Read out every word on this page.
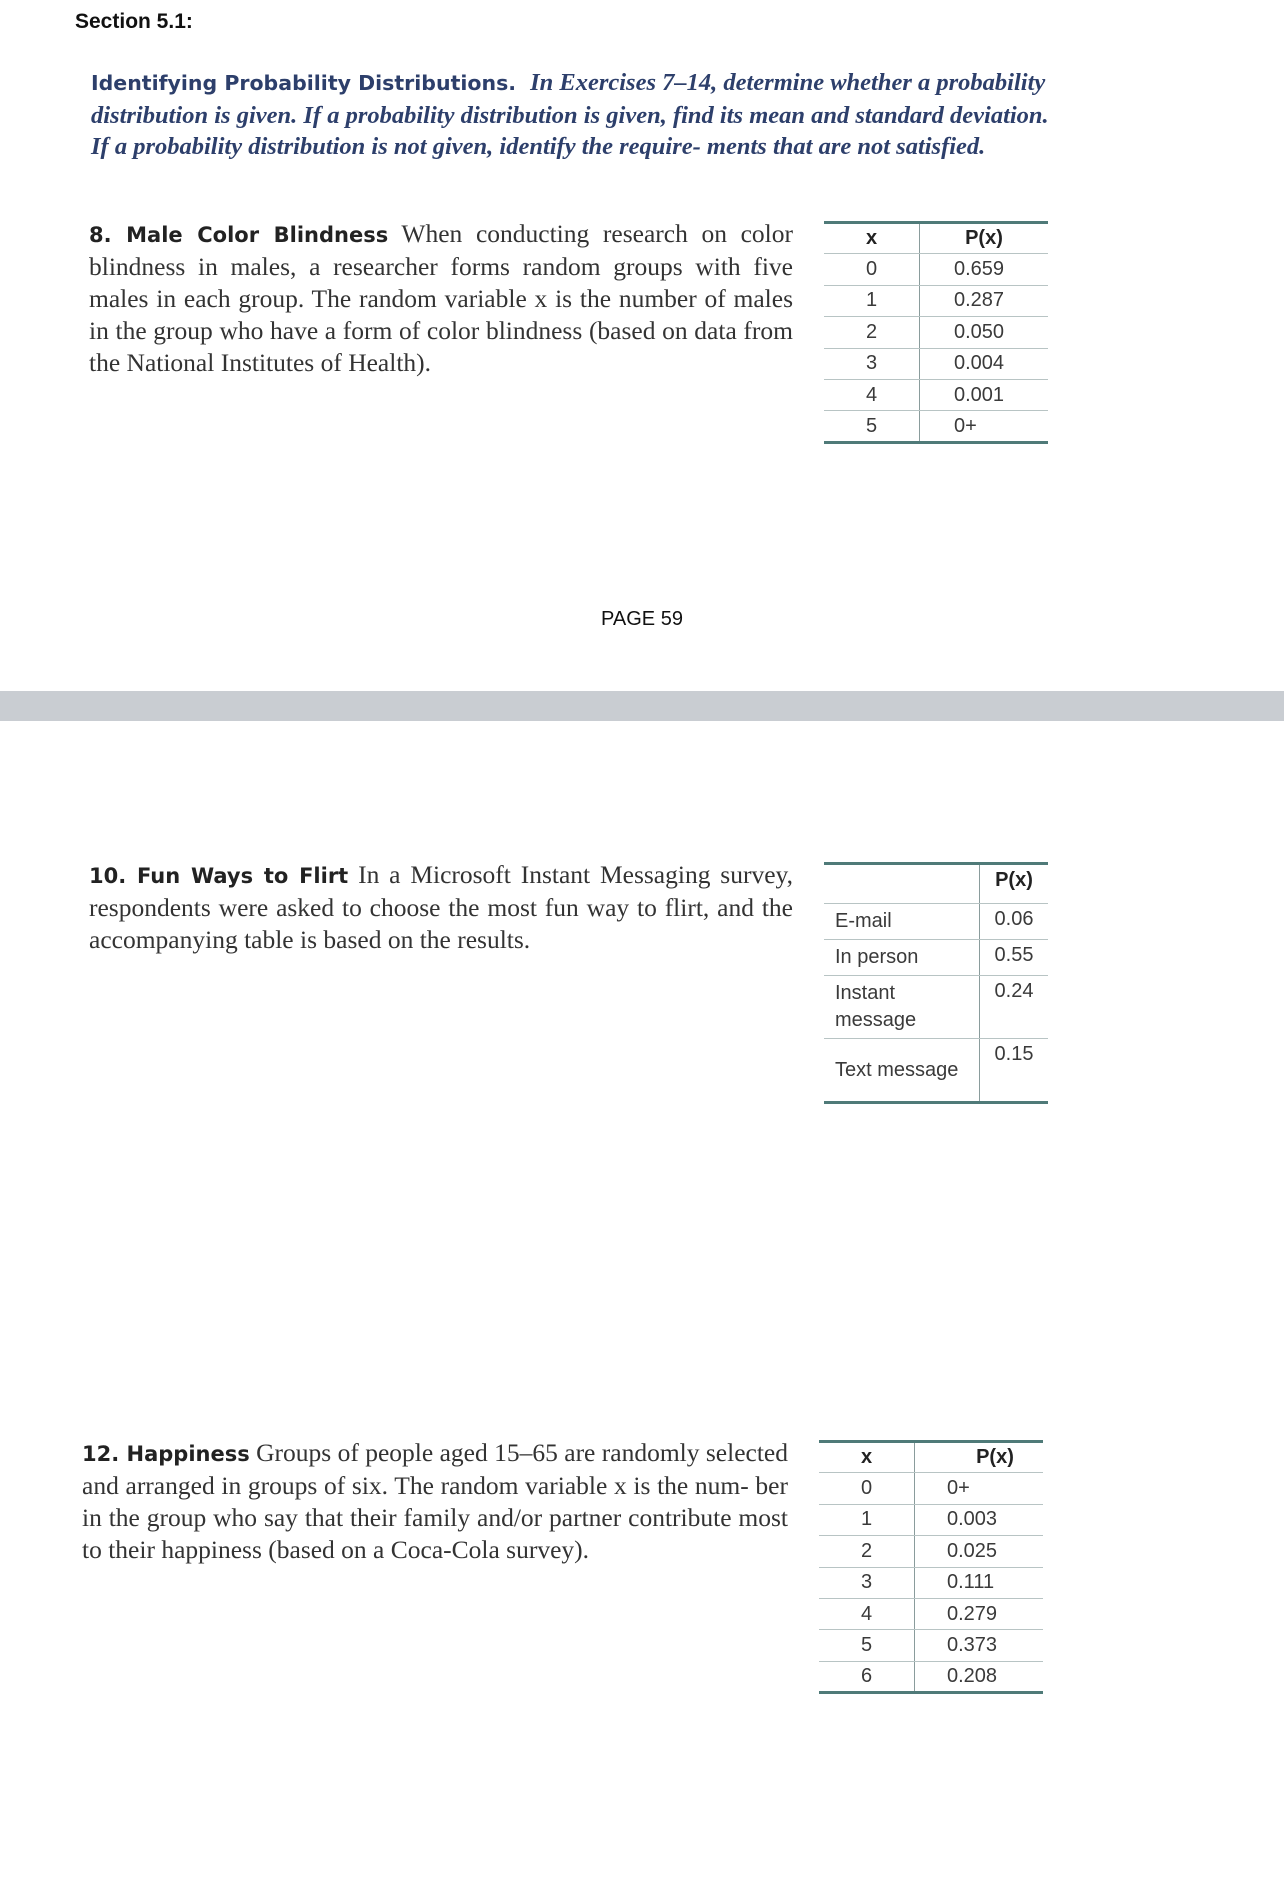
Section 5.1:
Identifying Probability Distributions. In Exercises 7–14, determine whether a probability distribution is given. If a probability distribution is given, find its mean and standard deviation. If a probability distribution is not given, identify the require- ments that are not satisfied.
8. Male Color Blindness When conducting research on color blindness in males, a researcher forms random groups with five males in each group. The random variable x is the number of males in the group who have a form of color blindness (based on data from the National Institutes of Health).
x	P(x)
0	0.659
1	0.287
2	0.050
3	0.004
4	0.001
5	0+
PAGE 59
10. Fun Ways to Flirt In a Microsoft Instant Messaging survey, respondents were asked to choose the most fun way to flirt, and the accompanying table is based on the results.
	P(x)
E-mail	0.06
In person	0.55
Instant message	0.24
Text message	0.15
12. Happiness Groups of people aged 15–65 are randomly selected and arranged in groups of six. The random variable x is the num- ber in the group who say that their family and/or partner contribute most to their happiness (based on a Coca-Cola survey).
x	P(x)
0	0+
1	0.003
2	0.025
3	0.111
4	0.279
5	0.373
6	0.208
